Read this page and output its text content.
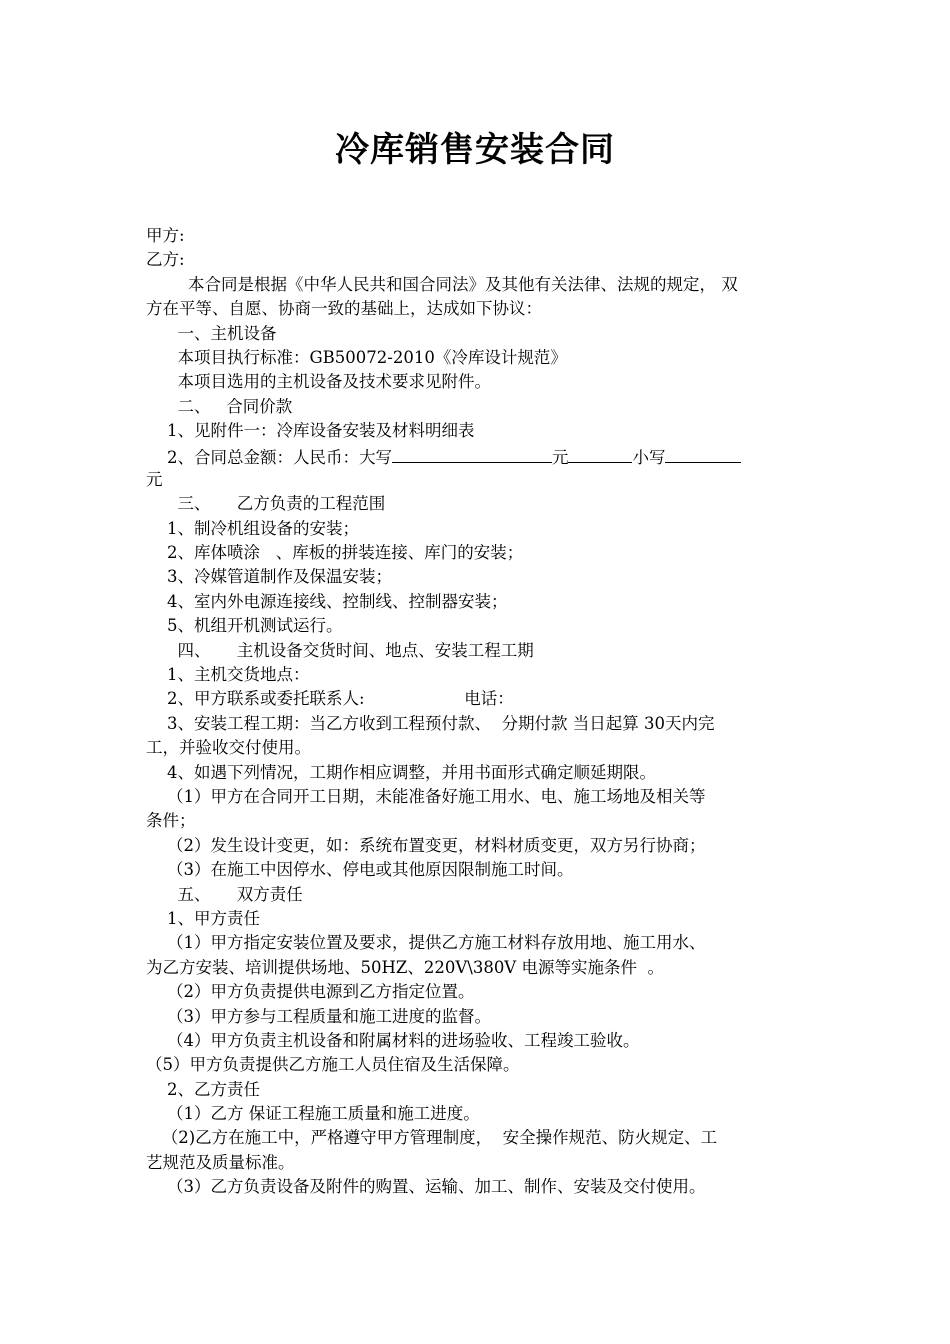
冷库销售安装合同
甲方:
乙方:
本合同是根据《中华人民共和国合同法》及其他有关法律、法规的规定， 双
方在平等、自愿、协商一致的基础上，达成如下协议：
一、主机设备
本项目执行标准：GB50072-2010《冷库设计规范》
本项目选用的主机设备及技术要求见附件。
二、   合同价款
1、见附件一：冷库设备安装及材料明细表
2、合同总金额：人民币：大写	元	小写
元
三、     乙方负责的工程范围
1、制冷机组设备的安装；
2、库体喷涂   、库板的拼装连接、库门的安装；
3、冷媒管道制作及保温安装；
4、室内外电源连接线、控制线、控制器安装；
5、机组开机测试运行。
四、     主机设备交货时间、地点、安装工程工期
1、主机交货地点：
2、甲方联系或委托联系人:                   电话：
3、安装工程工期：当乙方收到工程预付款、  分期付款 当日起算 30天内完
工，并验收交付使用。
4、如遇下列情况，工期作相应调整，并用书面形式确定顺延期限。
（1）甲方在合同开工日期，未能准备好施工用水、电、施工场地及相关等
条件；
（2）发生设计变更，如：系统布置变更，材料材质变更，双方另行协商；
（3）在施工中因停水、停电或其他原因限制施工时间。
五、     双方责任
1、甲方责任
（1）甲方指定安装位置及要求，提供乙方施工材料存放用地、施工用水、
为乙方安装、培训提供场地、50HZ、220V\380V 电源等实施条件  。
（2）甲方负责提供电源到乙方指定位置。
（3）甲方参与工程质量和施工进度的监督。
（4）甲方负责主机设备和附属材料的进场验收、工程竣工验收。
（5）甲方负责提供乙方施工人员住宿及生活保障。
2、乙方责任
（1）乙方 保证工程施工质量和施工进度。
（2)乙方在施工中，严格遵守甲方管理制度，  安全操作规范、防火规定、工
艺规范及质量标准。
（3）乙方负责设备及附件的购置、运输、加工、制作、安装及交付使用。
